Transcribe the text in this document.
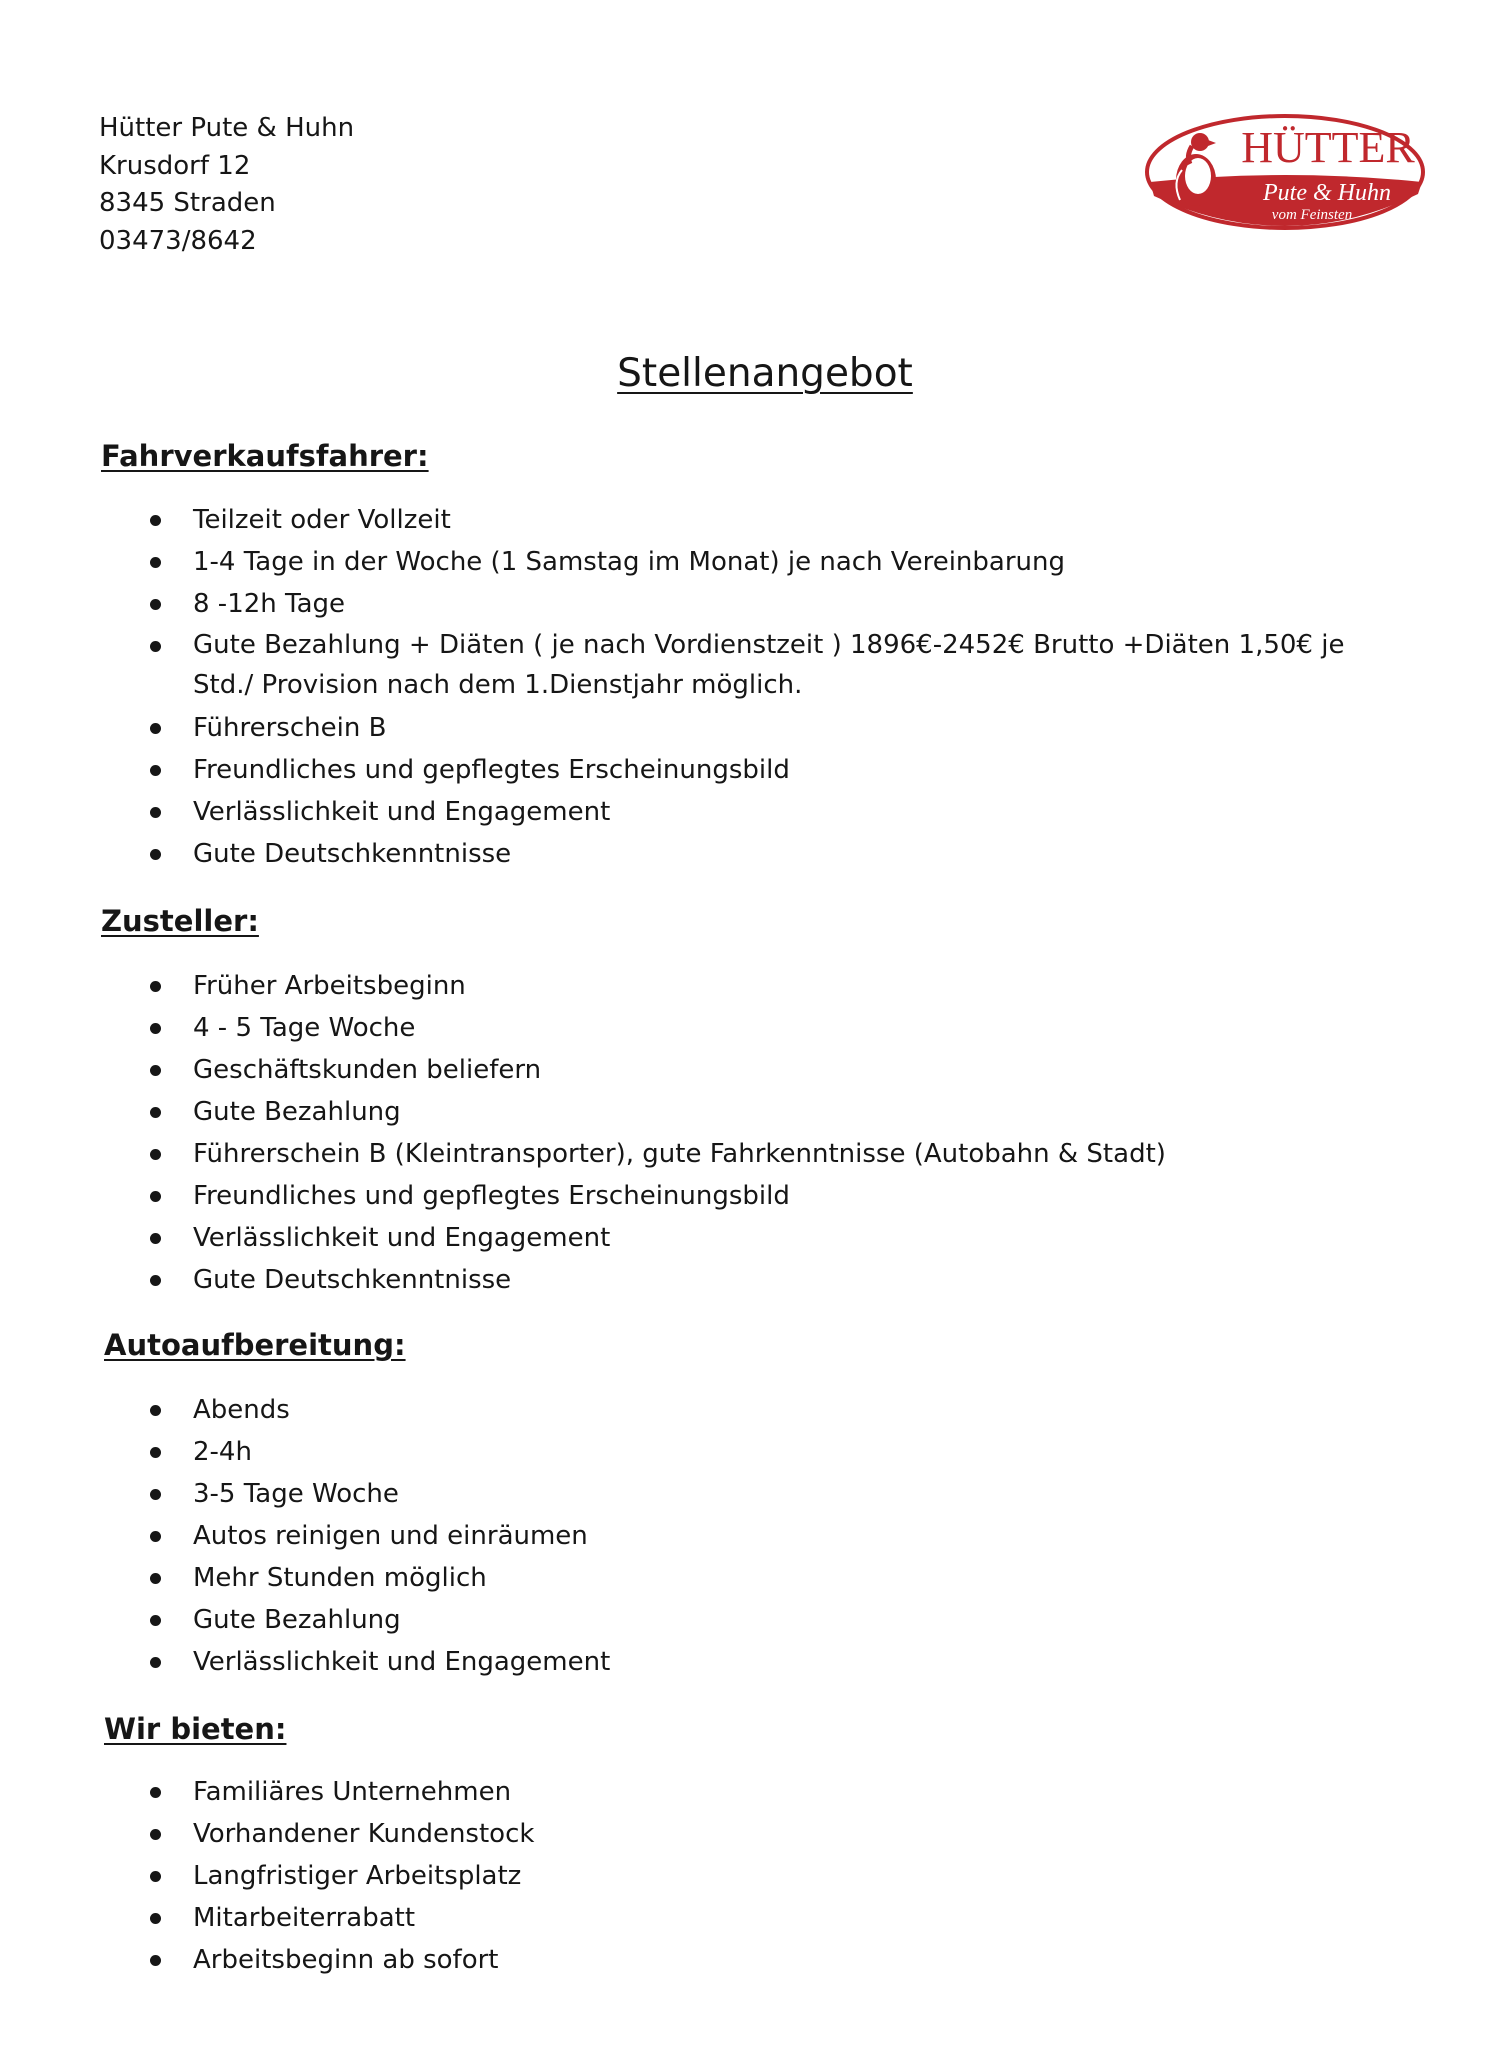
Hütter Pute & Huhn
Krusdorf 12
8345 Straden
03473/8642
HÜTTER
Pute & Huhn
vom Feinsten
Stellenangebot
Fahrverkaufsfahrer:
Teilzeit oder Vollzeit
1-4 Tage in der Woche (1 Samstag im Monat) je nach Vereinbarung
8 -12h Tage
Gute Bezahlung + Diäten ( je nach Vordienstzeit ) 1896€-2452€ Brutto +Diäten 1,50€ je Std./ Provision nach dem 1.Dienstjahr möglich.
Führerschein B
Freundliches und gepflegtes Erscheinungsbild
Verlässlichkeit und Engagement
Gute Deutschkenntnisse
Zusteller:
Früher Arbeitsbeginn
4 - 5 Tage Woche
Geschäftskunden beliefern
Gute Bezahlung
Führerschein B (Kleintransporter), gute Fahrkenntnisse (Autobahn & Stadt)
Freundliches und gepflegtes Erscheinungsbild
Verlässlichkeit und Engagement
Gute Deutschkenntnisse
Autoaufbereitung:
Abends
2-4h
3-5 Tage Woche
Autos reinigen und einräumen
Mehr Stunden möglich
Gute Bezahlung
Verlässlichkeit und Engagement
Wir bieten:
Familiäres Unternehmen
Vorhandener Kundenstock
Langfristiger Arbeitsplatz
Mitarbeiterrabatt
Arbeitsbeginn ab sofort
